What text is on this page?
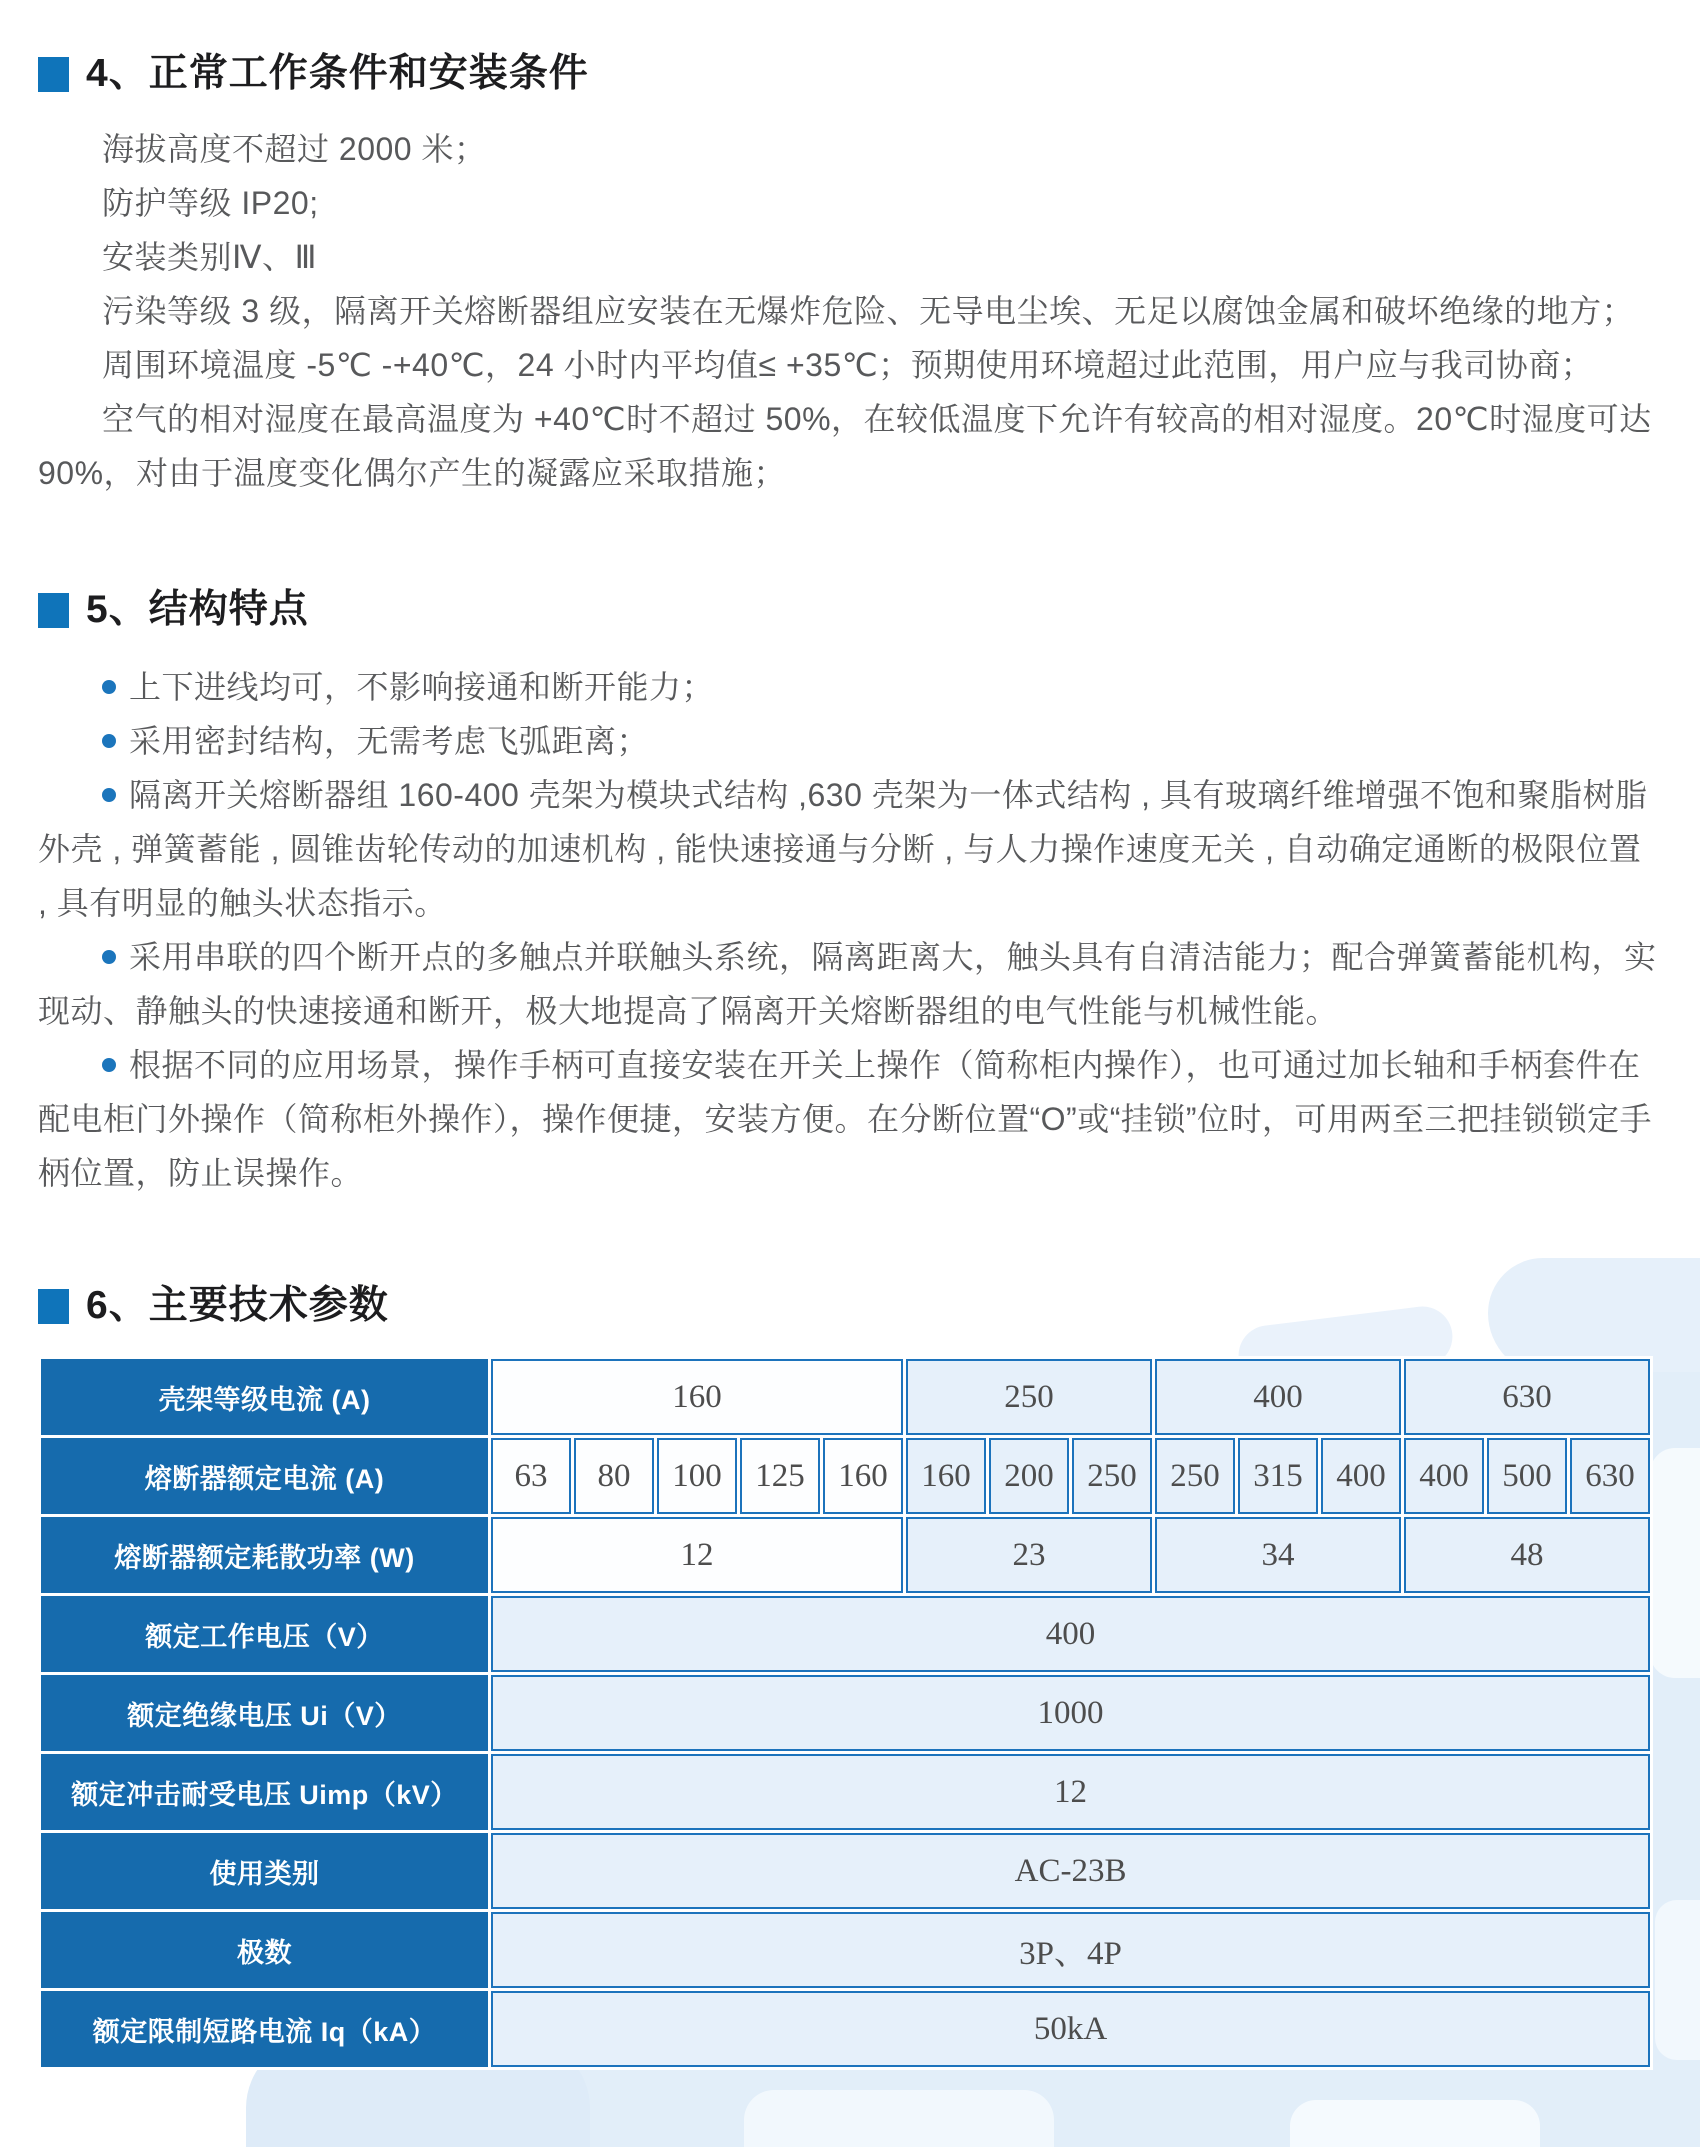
4、正常工作条件和安装条件

海拔高度不超过 2000 米；

防护等级 IP20;

安装类别Ⅳ、Ⅲ

污染等级 3 级，隔离开关熔断器组应安装在无爆炸危险、无导电尘埃、无足以腐蚀金属和破坏绝缘的地方；

周围环境温度 -5℃ -+40℃，24 小时内平均值≤ +35℃；预期使用环境超过此范围，用户应与我司协商；

空气的相对湿度在最高温度为 +40℃时不超过 50%，在较低温度下允许有较高的相对湿度。20℃时湿度可达 90%，对由于温度变化偶尔产生的凝露应采取措施；

5、结构特点

上下进线均可，不影响接通和断开能力；

采用密封结构，无需考虑飞弧距离；

隔离开关熔断器组 160-400 壳架为模块式结构 ,630 壳架为一体式结构 , 具有玻璃纤维增强不饱和聚脂树脂外壳 , 弹簧蓄能 , 圆锥齿轮传动的加速机构 , 能快速接通与分断 , 与人力操作速度无关 , 自动确定通断的极限位置 , 具有明显的触头状态指示。

采用串联的四个断开点的多触点并联触头系统，隔离距离大，触头具有自清洁能力；配合弹簧蓄能机构，实现动、静触头的快速接通和断开，极大地提高了隔离开关熔断器组的电气性能与机械性能。

根据不同的应用场景，操作手柄可直接安装在开关上操作（简称柜内操作），也可通过加长轴和手柄套件在配电柜门外操作（简称柜外操作），操作便捷，安装方便。在分断位置“O”或“挂锁”位时，可用两至三把挂锁锁定手柄位置，防止误操作。

6、主要技术参数
壳架等级电流 (A)	160					250			400			630		
熔断器额定电流 (A)	63	80	100	125	160	160	200	250	250	315	400	400	500	630
熔断器额定耗散功率 (W)	12					23			34			48		
额定工作电压（V）	400													
额定绝缘电压 Ui（V）	1000													
额定冲击耐受电压 Uimp（kV）	12													
使用类别	AC-23B													
极数	3P、4P													
额定限制短路电流 Iq（kA）	50kA													
